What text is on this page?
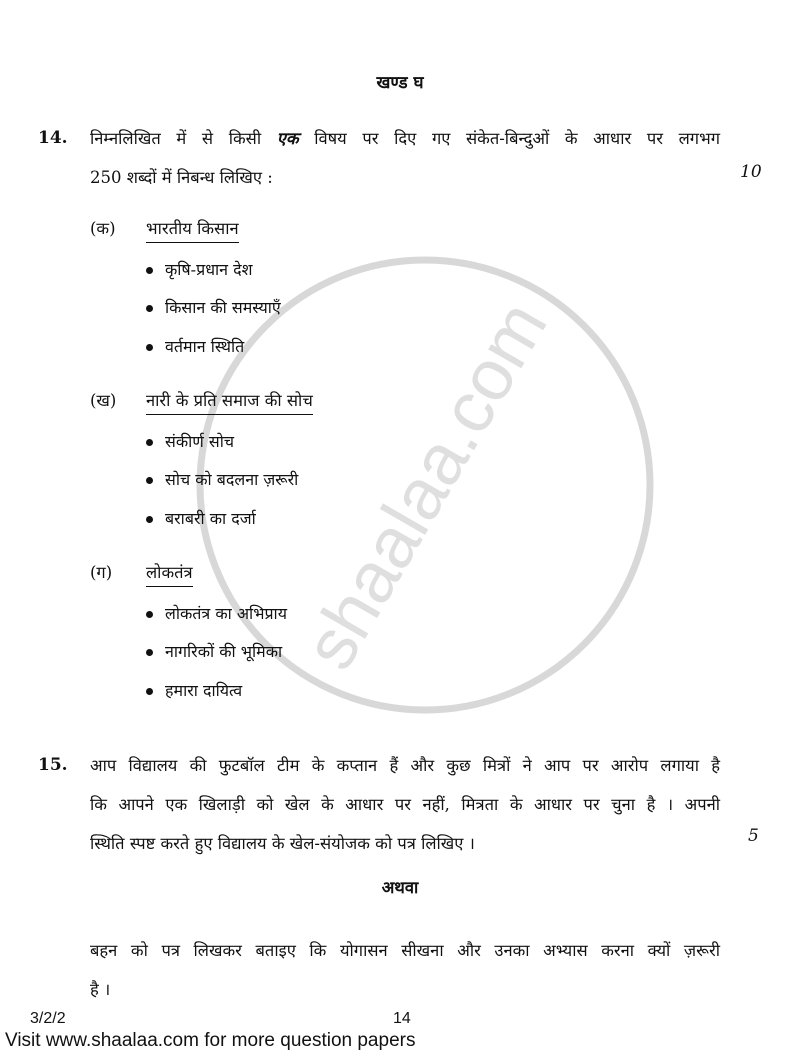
shaalaa.com
खण्ड घ
14. निम्नलिखित में से किसी एक विषय पर दिए गए संकेत-बिन्दुओं के आधार पर लगभग
250 शब्दों में निबन्ध लिखिए :	10
(क) भारतीय किसान
कृषि-प्रधान देश
किसान की समस्याएँ
वर्तमान स्थिति
(ख) नारी के प्रति समाज की सोच
संकीर्ण सोच
सोच को बदलना ज़रूरी
बराबरी का दर्जा
(ग) लोकतंत्र
लोकतंत्र का अभिप्राय
नागरिकों की भूमिका
हमारा दायित्व
15. आप विद्यालय की फुटबॉल टीम के कप्तान हैं और कुछ मित्रों ने आप पर आरोप लगाया है
कि आपने एक खिलाड़ी को खेल के आधार पर नहीं, मित्रता के आधार पर चुना है । अपनी
स्थिति स्पष्ट करते हुए विद्यालय के खेल-संयोजक को पत्र लिखिए ।	5
अथवा
बहन को पत्र लिखकर बताइए कि योगासन सीखना और उनका अभ्यास करना क्यों ज़रूरी
है ।
3/2/2	14
Visit www.shaalaa.com for more question papers
